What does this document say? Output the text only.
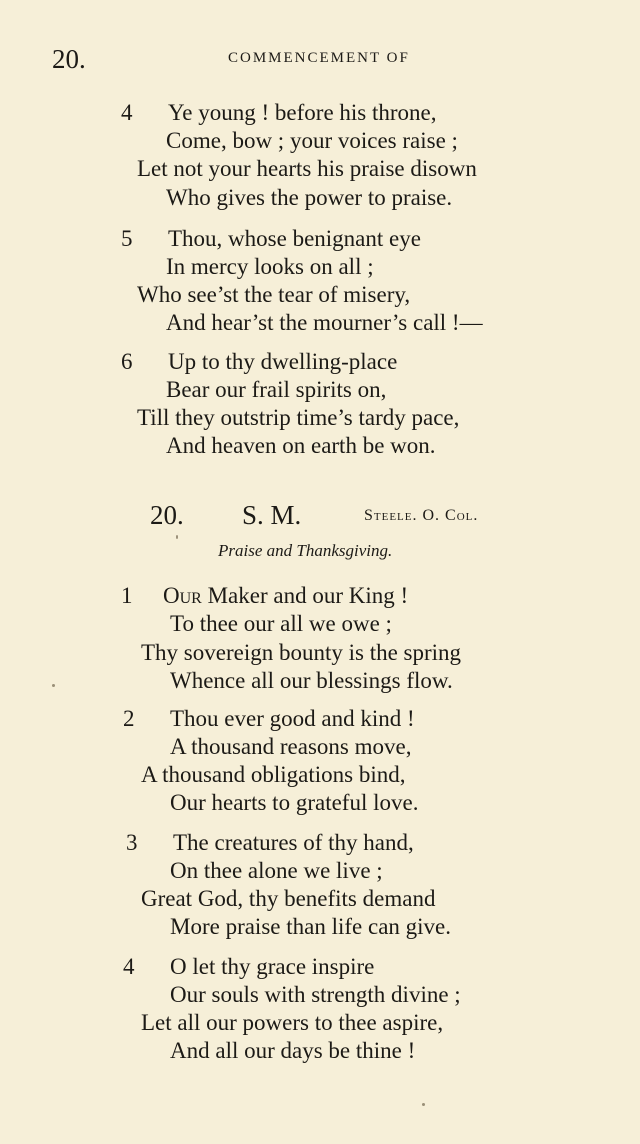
20.	COMMENCEMENT OF
4 Ye young ! before his throne,
Come, bow ; your voices raise ;
Let not your hearts his praise disown
Who gives the power to praise.
5 Thou, whose benignant eye
In mercy looks on all ;
Who see’st the tear of misery,
And hear’st the mourner’s call !—
6 Up to thy dwelling-place
Bear our frail spirits on,
Till they outstrip time’s tardy pace,
And heaven on earth be won.
20. S. M.	Steele. O. Col.
Praise and Thanksgiving.
1 Our Maker and our King !
To thee our all we owe ;
Thy sovereign bounty is the spring
Whence all our blessings flow.
2 Thou ever good and kind !
A thousand reasons move,
A thousand obligations bind,
Our hearts to grateful love.
3 The creatures of thy hand,
On thee alone we live ;
Great God, thy benefits demand
More praise than life can give.
4 O let thy grace inspire
Our souls with strength divine ;
Let all our powers to thee aspire,
And all our days be thine !
